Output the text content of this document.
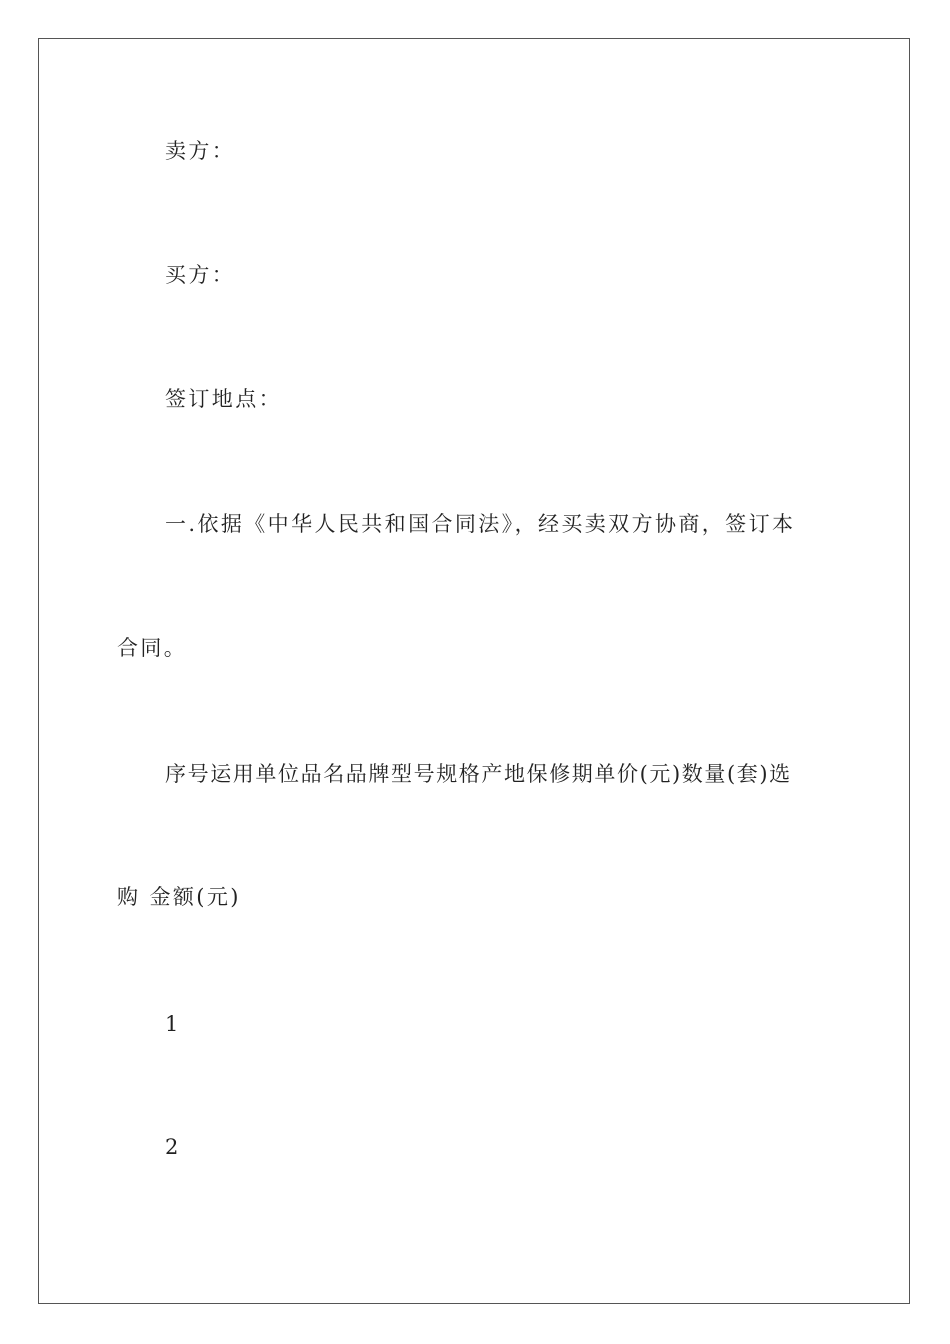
卖方：
买方：
签订地点：
一.依据《中华人民共和国合同法》，经买卖双方协商，签订本
合同。
序号运用单位品名品牌型号规格产地保修期单价(元)数量(套)选
购 金额(元)
1
2
